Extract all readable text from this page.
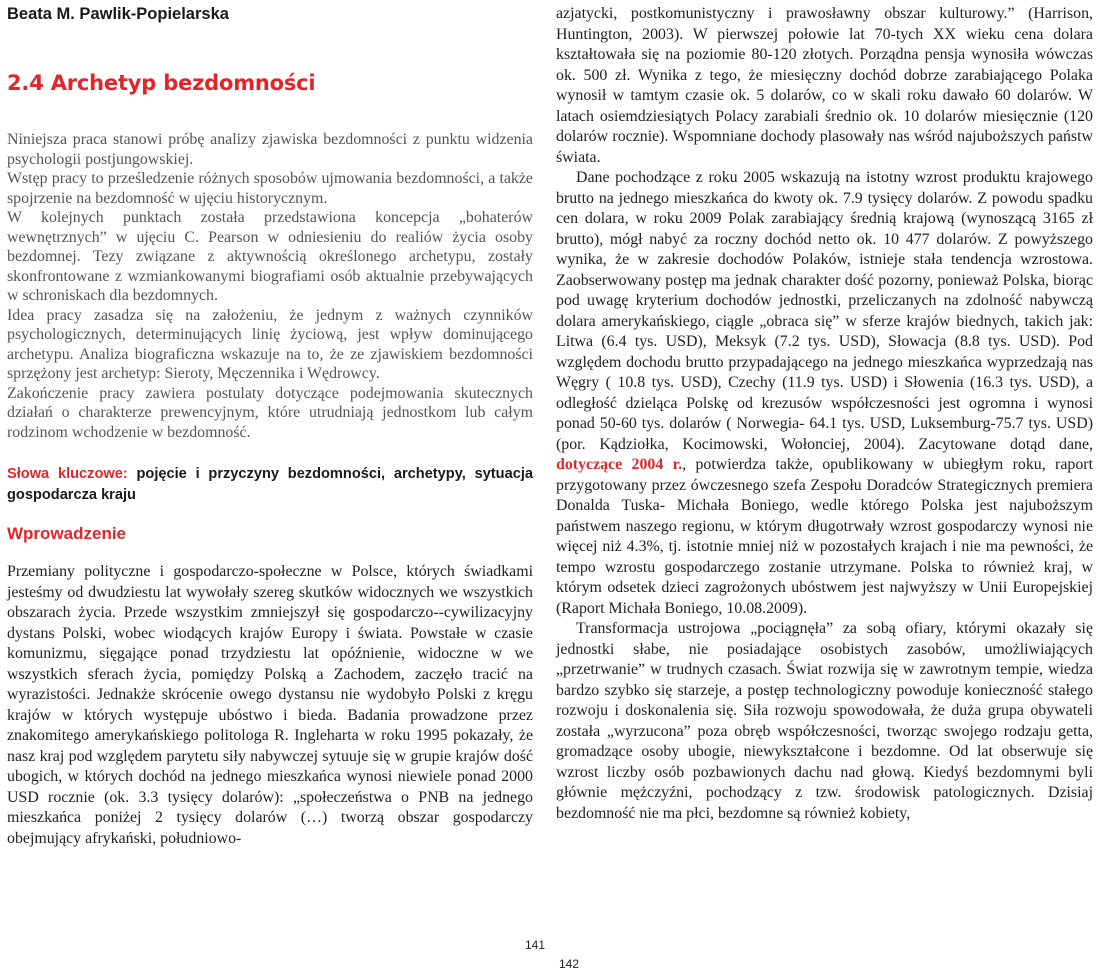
Beata M. Pawlik-Popielarska
2.4 Archetyp bezdomności

Niniejsza praca stanowi próbę analizy zjawiska bezdomności z punktu widzenia psychologii postjungowskiej.

Wstęp pracy to prześledzenie różnych sposobów ujmowania bezdomności, a także spojrzenie na bezdomność w ujęciu historycznym.

W kolejnych punktach została przedstawiona koncepcja „bohaterów wewnętrznych” w ujęciu C. Pearson w odniesieniu do realiów życia osoby bezdomnej. Tezy związane z aktywnością określonego archetypu, zostały skonfrontowane z wzmiankowanymi biografiami osób aktualnie przebywających w schroniskach dla bezdomnych.

Idea pracy zasadza się na założeniu, że jednym z ważnych czynników psychologicznych, determinujących linię życiową, jest wpływ dominującego archetypu. Analiza biograficzna wskazuje na to, że ze zjawiskiem bezdomności sprzężony jest archetyp: Sieroty, Męczennika i Wędrowcy.

Zakończenie pracy zawiera postulaty dotyczące podejmowania skutecznych działań o charakterze prewencyjnym, które utrudniają jednostkom lub całym rodzinom wchodzenie w bezdomność.

Słowa kluczowe: pojęcie i przyczyny bezdomności, archetypy, sytuacja gospodarcza kraju
Wprowadzenie

Przemiany polityczne i gospodarczo-społeczne w Polsce, których świadkami jesteśmy od dwudziestu lat wywołały szereg skutków widocznych we wszystkich obszarach życia. Przede wszystkim zmniejszył się gospodarczo--cywilizacyjny dystans Polski, wobec wiodących krajów Europy i świata. Powstałe w czasie komunizmu, sięgające ponad trzydziestu lat opóźnienie, widoczne w we wszystkich sferach życia, pomiędzy Polską a Zachodem, zaczęło tracić na wyrazistości. Jednakże skrócenie owego dystansu nie wydobyło Polski z kręgu krajów w których występuje ubóstwo i bieda. Badania prowadzone przez znakomitego amerykańskiego politologa R. Ingleharta w roku 1995 pokazały, że nasz kraj pod względem parytetu siły nabywczej sytuuje się w grupie krajów dość ubogich, w których dochód na jednego mieszkańca wynosi niewiele ponad 2000 USD rocznie (ok. 3.3 tysięcy dolarów): „społeczeństwa o PNB na jednego mieszkańca poniżej 2 tysięcy dolarów (…) tworzą obszar gospodarczy obejmujący afrykański, południowo-

azjatycki, postkomunistyczny i prawosławny obszar kulturowy.” (Harrison, Huntington, 2003). W pierwszej połowie lat 70-tych XX wieku cena dolara kształtowała się na poziomie 80-120 złotych. Porządna pensja wynosiła wówczas ok. 500 zł. Wynika z tego, że miesięczny dochód dobrze zarabiającego Polaka wynosił w tamtym czasie ok. 5 dolarów, co w skali roku dawało 60 dolarów. W latach osiemdziesiątych Polacy zarabiali średnio ok. 10 dolarów miesięcznie (120 dolarów rocznie). Wspomniane dochody plasowały nas wśród najuboższych państw świata.

Dane pochodzące z roku 2005 wskazują na istotny wzrost produktu krajowego brutto na jednego mieszkańca do kwoty ok. 7.9 tysięcy dolarów. Z powodu spadku cen dolara, w roku 2009 Polak zarabiający średnią krajową (wynoszącą 3165 zł brutto), mógł nabyć za roczny dochód netto ok. 10 477 dolarów. Z powyższego wynika, że w zakresie dochodów Polaków, istnieje stała tendencja wzrostowa. Zaobserwowany postęp ma jednak charakter dość pozorny, ponieważ Polska, biorąc pod uwagę kryterium dochodów jednostki, przeliczanych na zdolność nabywczą dolara amerykańskiego, ciągle „obraca się” w sferze krajów biednych, takich jak: Litwa (6.4 tys. USD), Meksyk (7.2 tys. USD), Słowacja (8.8 tys. USD). Pod względem dochodu brutto przypadającego na jednego mieszkańca wyprzedzają nas Węgry ( 10.8 tys. USD), Czechy (11.9 tys. USD) i Słowenia (16.3 tys. USD), a odległość dzieląca Polskę od krezusów współczesności jest ogromna i wynosi ponad 50-60 tys. dolarów ( Norwegia- 64.1 tys. USD, Luksemburg-75.7 tys. USD) (por. Kądziołka, Kocimowski, Wołonciej, 2004). Zacytowane dotąd dane, dotyczące 2004 r., potwierdza także, opublikowany w ubiegłym roku, raport przygotowany przez ówczesnego szefa Zespołu Doradców Strategicznych premiera Donalda Tuska- Michała Boniego, wedle którego Polska jest najuboższym państwem naszego regionu, w którym długotrwały wzrost gospodarczy wynosi nie więcej niż 4.3%, tj. istotnie mniej niż w pozostałych krajach i nie ma pewności, że tempo wzrostu gospodarczego zostanie utrzymane. Polska to również kraj, w którym odsetek dzieci zagrożonych ubóstwem jest najwyższy w Unii Europejskiej (Raport Michała Boniego, 10.08.2009).

Transformacja ustrojowa „pociągnęła” za sobą ofiary, którymi okazały się jednostki słabe, nie posiadające osobistych zasobów, umożliwiających „przetrwanie” w trudnych czasach. Świat rozwija się w zawrotnym tempie, wiedza bardzo szybko się starzeje, a postęp technologiczny powoduje konieczność stałego rozwoju i doskonalenia się. Siła rozwoju spowodowała, że duża grupa obywateli została „wyrzucona” poza obręb współczesności, tworząc swojego rodzaju getta, gromadzące osoby ubogie, niewykształcone i bezdomne. Od lat obserwuje się wzrost liczby osób pozbawionych dachu nad głową. Kiedyś bezdomnymi byli głównie mężczyźni, pochodzący z tzw. środowisk patologicznych. Dzisiaj bezdomność nie ma płci, bezdomne są również kobiety,

141
142
